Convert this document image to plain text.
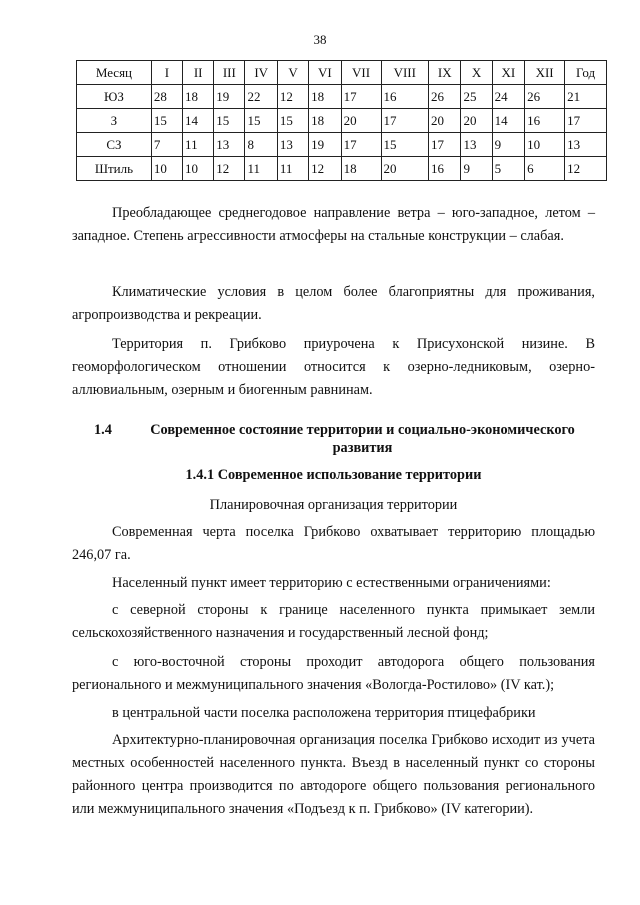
38
Месяц	I	II	III	IV	V	VI	VII	VIII	IX	X	XI	XII	Год
ЮЗ	28	18	19	22	12	18	17	16	26	25	24	26	21
З	15	14	15	15	15	18	20	17	20	20	14	16	17
СЗ	7	11	13	8	13	19	17	15	17	13	9	10	13
Штиль	10	10	12	11	11	12	18	20	16	9	5	6	12

Преобладающее среднегодовое направление ветра – юго-западное, летом – западное. Степень агрессивности атмосферы на стальные конструкции – слабая.

Климатические условия в целом более благоприятны для проживания, агропроизводства и рекреации.

Территория п. Грибково приурочена к Присухонской низине. В геоморфологическом отношении относится к озерно-ледниковым, озерно-аллювиальным, озерным и биогенным равнинам.

1.4	Современное состояние территории и социально-экономического развития
1.4.1 Современное использование территории
Планировочная организация территории

Современная черта поселка Грибково охватывает территорию площадью 246,07 га.

Населенный пункт имеет территорию с естественными ограничениями:

с северной стороны к границе населенного пункта примыкает земли сельскохозяйственного назначения и государственный лесной фонд;

с юго-восточной стороны проходит автодорога общего пользования регионального и межмуниципального значения «Вологда-Ростилово» (IV кат.);

в центральной части поселка расположена территория птицефабрики

Архитектурно-планировочная организация поселка Грибково исходит из учета местных особенностей населенного пункта. Въезд в населенный пункт со стороны районного центра производится по автодороге общего пользования регионального или межмуниципального значения «Подъезд к п. Грибково» (IV категории).
